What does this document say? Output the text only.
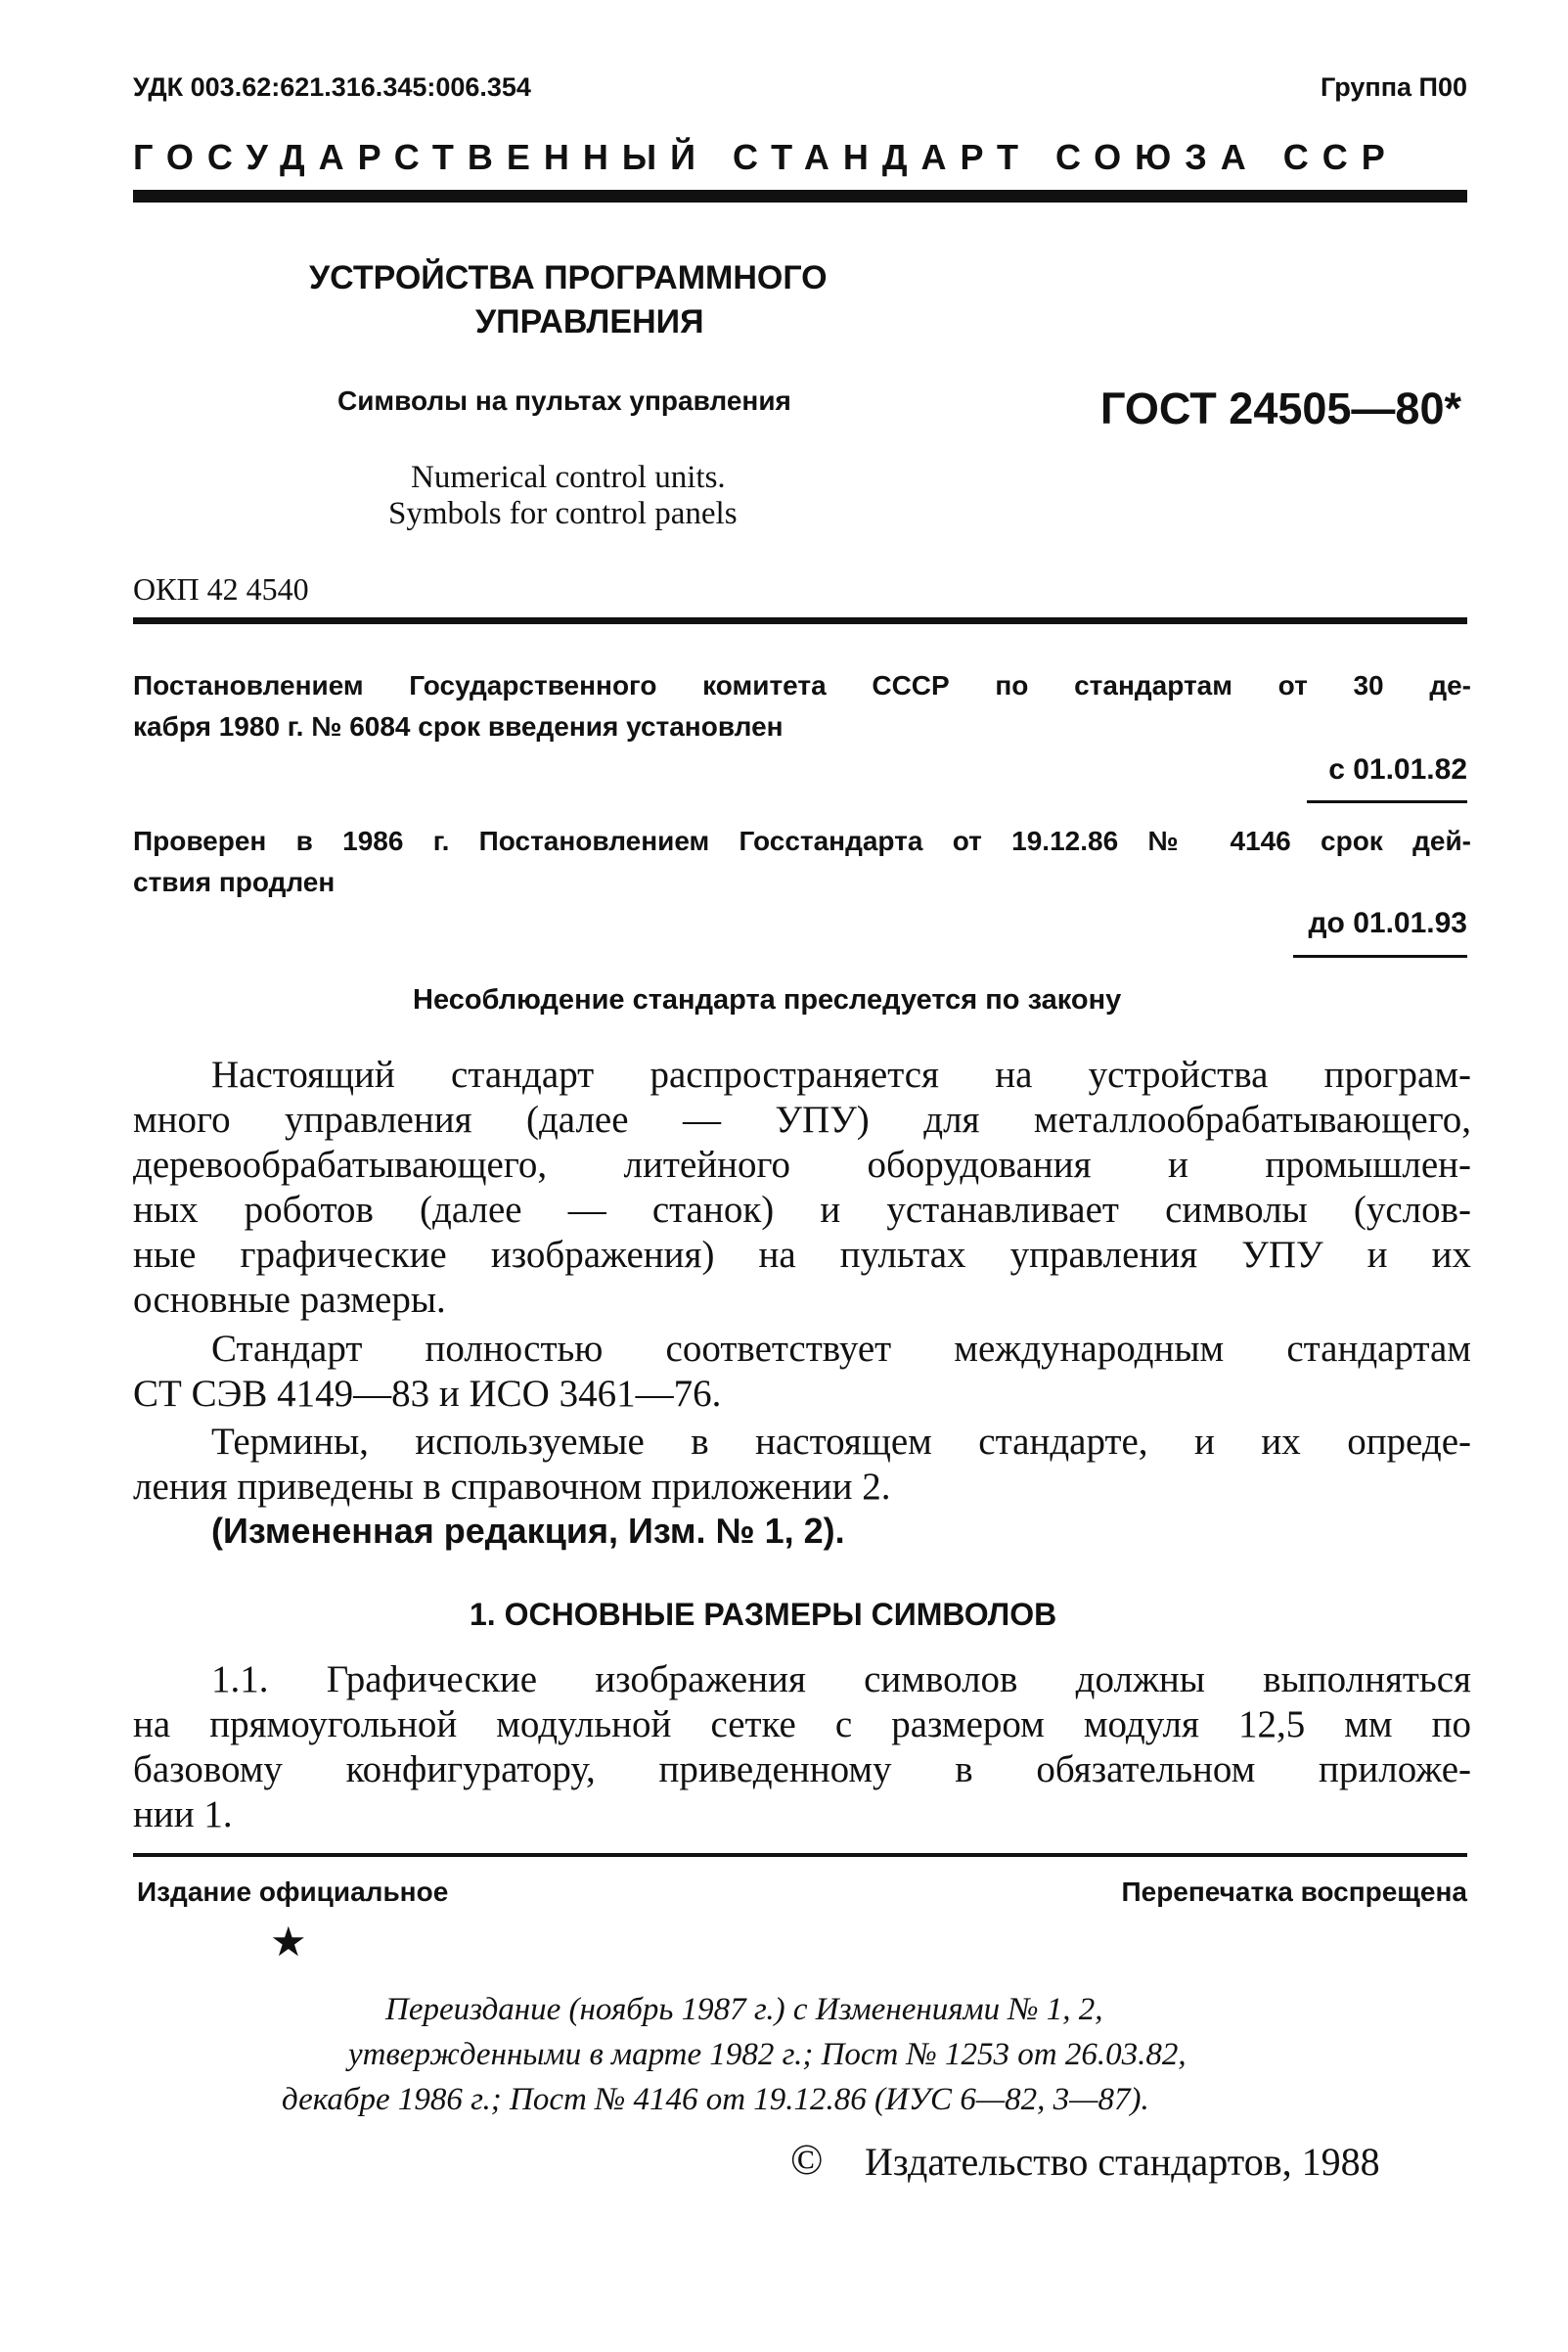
УДК 003.62:621.316.345:006.354	Группа П00
ГОСУДАРСТВЕННЫЙ СТАНДАРТ СОЮЗА ССР
УСТРОЙСТВА ПРОГРАММНОГО
УПРАВЛЕНИЯ
Символы на пультах управления	ГОСТ 24505—80*
Numerical control units.
Symbols for control panels
ОКП 42 4540
Постановлением Государственного комитета СССР по стандартам от 30 де-
кабря 1980 г. № 6084 срок введения установлен
с 01.01.82
Проверен в 1986 г. Постановлением Госстандарта от 19.12.86 № 4146 срок дей-
ствия продлен
до 01.01.93
Несоблюдение стандарта преследуется по закону
Настоящий стандарт распространяется на устройства програм-
много управления (далее — УПУ) для металлообрабатывающего,
деревообрабатывающего, литейного оборудования и промышлен-
ных роботов (далее — станок) и устанавливает символы (услов-
ные графические изображения) на пультах управления УПУ и их
основные размеры.
Стандарт полностью соответствует международным стандартам
СТ СЭВ 4149—83 и ИСО 3461—76.
Термины, используемые в настоящем стандарте, и их опреде-
ления приведены в справочном приложении 2.
(Измененная редакция, Изм. № 1, 2).
1. ОСНОВНЫЕ РАЗМЕРЫ СИМВОЛОВ
1.1. Графические изображения символов должны выполняться
на прямоугольной модульной сетке с размером модуля 12,5 мм по
базовому конфигуратору, приведенному в обязательном приложе-
нии 1.
Издание официальное	Перепечатка воспрещена
★
Переиздание (ноябрь 1987 г.) с Изменениями № 1, 2,
утвержденными в марте 1982 г.; Пост № 1253 от 26.03.82,
декабре 1986 г.; Пост № 4146 от 19.12.86 (ИУС 6—82, 3—87).
© Издательство стандартов, 1988
